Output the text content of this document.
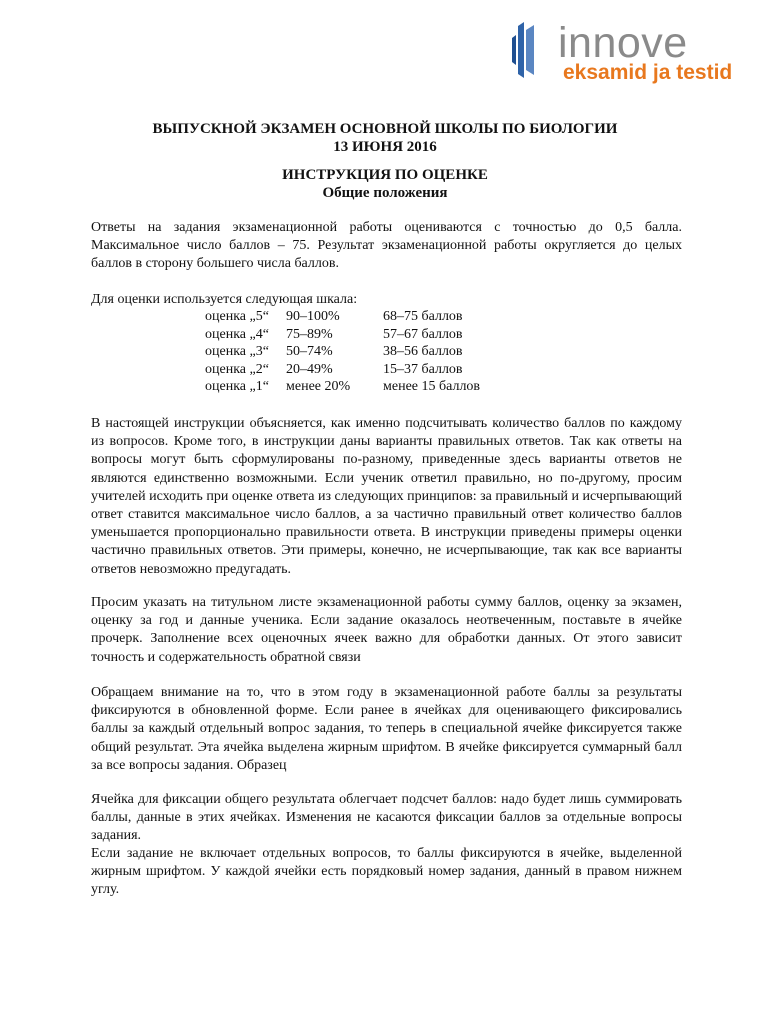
innove
eksamid ja testid
ВЫПУСКНОЙ ЭКЗАМЕН ОСНОВНОЙ ШКОЛЫ ПО БИОЛОГИИ
13 ИЮНЯ 2016
ИНСТРУКЦИЯ ПО ОЦЕНКЕ
Общие положения
Ответы на задания экзаменационной работы оцениваются с точностью до 0,5 балла. Максимальное число баллов – 75. Результат экзаменационной работы округляется до целых баллов в сторону большего числа баллов.
Для оценки используется следующая шкала:
оценка „5“ 90–100%	68–75 баллов
оценка „4“ 75–89%	57–67 баллов
оценка „3“ 50–74%	38–56 баллов
оценка „2“ 20–49%	15–37 баллов
оценка „1“ менее 20% менее 15 баллов
В настоящей инструкции объясняется, как именно подсчитывать количество баллов по каждому из вопросов. Кроме того, в инструкции даны варианты правильных ответов. Так как ответы на вопросы могут быть сформулированы по-разному, приведенные здесь варианты ответов не являются единственно возможными. Если ученик ответил правильно, но по-другому, просим учителей исходить при оценке ответа из следующих принципов: за правильный и исчерпывающий ответ ставится максимальное число баллов, а за частично правильный ответ количество баллов уменьшается пропорционально правильности ответа. В инструкции приведены примеры оценки частично правильных ответов. Эти примеры, конечно, не исчерпывающие, так как все варианты ответов невозможно предугадать.
Просим указать на титульном листе экзаменационной работы сумму баллов, оценку за экзамен, оценку за год и данные ученика. Если задание оказалось неотвеченным, поставьте в ячейке прочерк. Заполнение всех оценочных ячеек важно для обработки данных. От этого зависит точность и содержательность обратной связи
Обращаем внимание на то, что в этом году в экзаменационной работе баллы за результаты фиксируются в обновленной форме. Если ранее в ячейках для оценивающего фиксировались баллы за каждый отдельный вопрос задания, то теперь в специальной ячейке фиксируется также общий результат. Эта ячейка выделена жирным шрифтом. В ячейке фиксируется суммарный балл за все вопросы задания. Образец
Ячейка для фиксации общего результата облегчает подсчет баллов: надо будет лишь суммировать баллы, данные в этих ячейках. Изменения не касаются фиксации баллов за отдельные вопросы задания.
Если задание не включает отдельных вопросов, то баллы фиксируются в ячейке, выделенной жирным шрифтом. У каждой ячейки есть порядковый номер задания, данный в правом нижнем углу.
